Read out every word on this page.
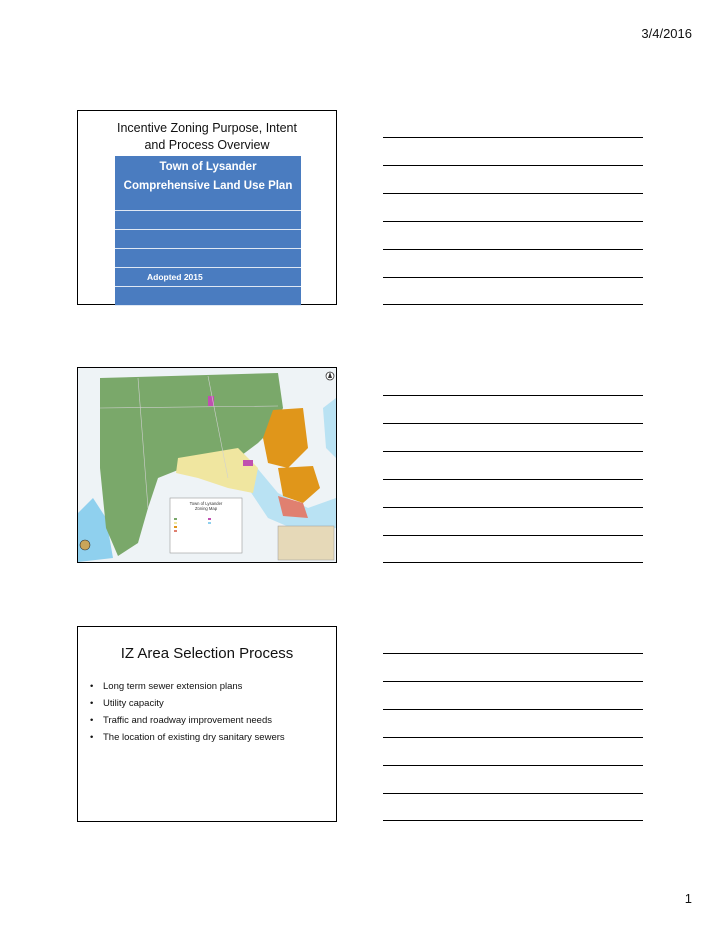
3/4/2016
Incentive Zoning Purpose, Intent and Process Overview
Town of Lysander
Comprehensive Land Use Plan
Adopted 2015
Town of Lysander
Zoning Map
IZ Area Selection Process
• Long term sewer extension plans
• Utility capacity
• Traffic and roadway improvement needs
• The location of existing dry sanitary sewers
1
